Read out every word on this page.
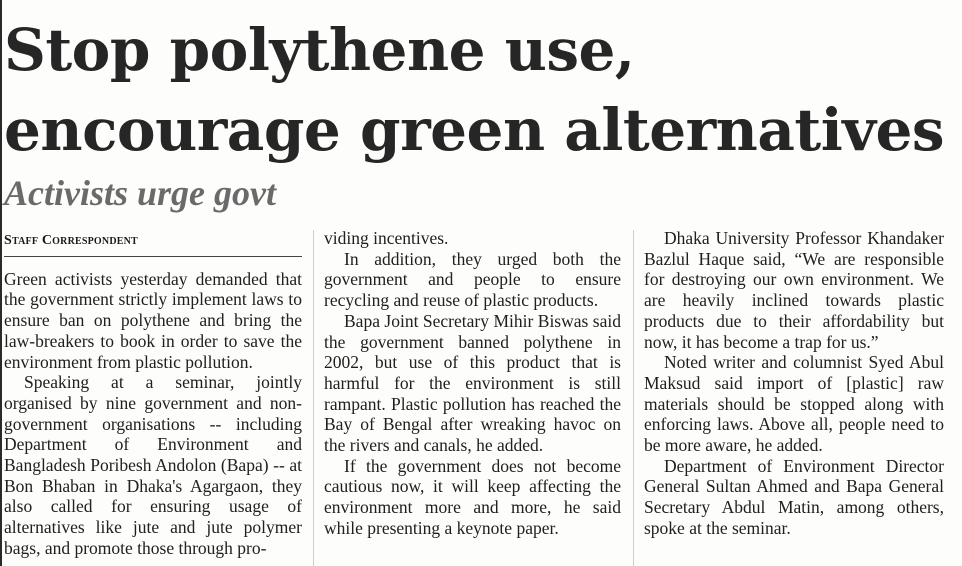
Stop polythene use, encourage green alternatives
Activists urge govt
Staff Correspondent

Green activists yesterday demanded that the government strictly implement laws to ensure ban on polythene and bring the law-breakers to book in order to save the environment from plastic pollution.

Speaking at a seminar, jointly organised by nine government and non-government organisations -- including Department of Environment and Bangladesh Poribesh Andolon (Bapa) -- at Bon Bhaban in Dhaka's Agargaon, they also called for ensuring usage of alternatives like jute and jute polymer bags, and promote those through pro-

viding incentives.

In addition, they urged both the government and people to ensure recycling and reuse of plastic products.

Bapa Joint Secretary Mihir Biswas said the government banned polythene in 2002, but use of this product that is harmful for the environment is still rampant. Plastic pollution has reached the Bay of Bengal after wreaking havoc on the rivers and canals, he added.

If the government does not become cautious now, it will keep affecting the environment more and more, he said while presenting a keynote paper.

Dhaka University Professor Khandaker Bazlul Haque said, “We are responsible for destroying our own environment. We are heavily inclined towards plastic products due to their affordability but now, it has become a trap for us.”

Noted writer and columnist Syed Abul Maksud said import of [plastic] raw materials should be stopped along with enforcing laws. Above all, people need to be more aware, he added.

Department of Environment Director General Sultan Ahmed and Bapa General Secretary Abdul Matin, among others, spoke at the seminar.
